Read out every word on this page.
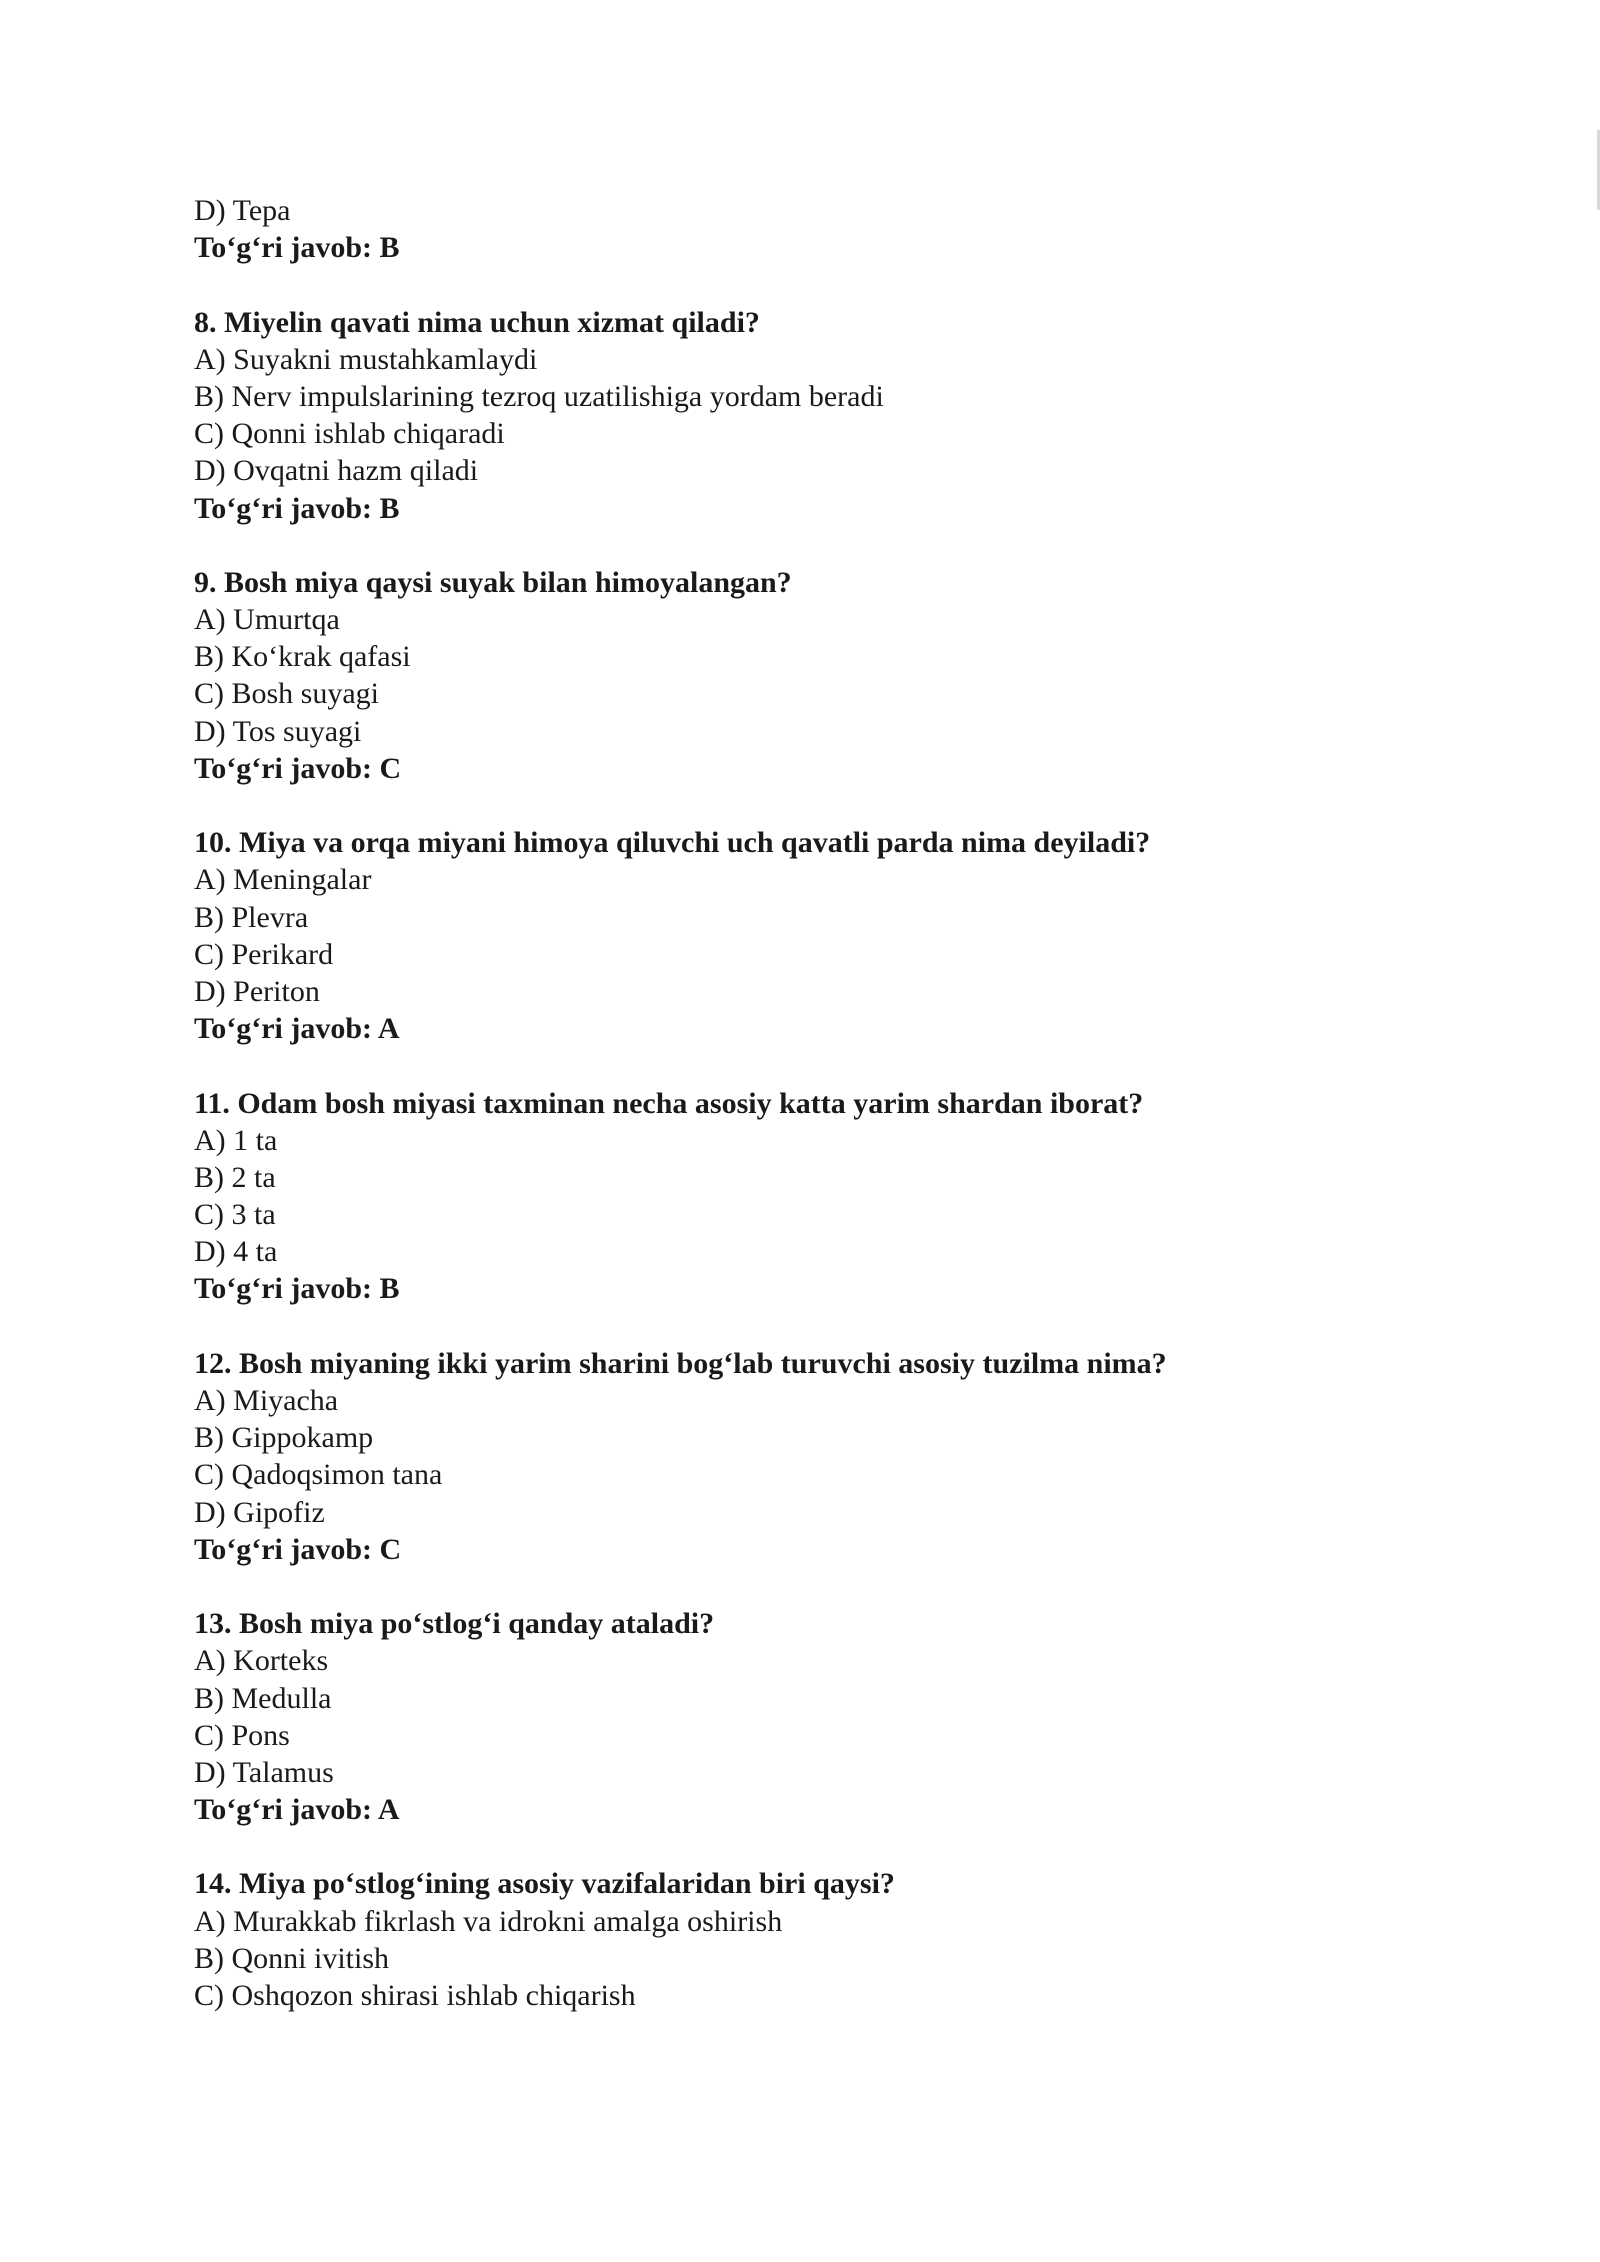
D) Tepa
To‘g‘ri javob: B
8. Miyelin qavati nima uchun xizmat qiladi?
A) Suyakni mustahkamlaydi
B) Nerv impulslarining tezroq uzatilishiga yordam beradi
C) Qonni ishlab chiqaradi
D) Ovqatni hazm qiladi
To‘g‘ri javob: B
9. Bosh miya qaysi suyak bilan himoyalangan?
A) Umurtqa
B) Ko‘krak qafasi
C) Bosh suyagi
D) Tos suyagi
To‘g‘ri javob: C
10. Miya va orqa miyani himoya qiluvchi uch qavatli parda nima deyiladi?
A) Meningalar
B) Plevra
C) Perikard
D) Periton
To‘g‘ri javob: A
11. Odam bosh miyasi taxminan necha asosiy katta yarim shardan iborat?
A) 1 ta
B) 2 ta
C) 3 ta
D) 4 ta
To‘g‘ri javob: B
12. Bosh miyaning ikki yarim sharini bog‘lab turuvchi asosiy tuzilma nima?
A) Miyacha
B) Gippokamp
C) Qadoqsimon tana
D) Gipofiz
To‘g‘ri javob: C
13. Bosh miya po‘stlog‘i qanday ataladi?
A) Korteks
B) Medulla
C) Pons
D) Talamus
To‘g‘ri javob: A
14. Miya po‘stlog‘ining asosiy vazifalaridan biri qaysi?
A) Murakkab fikrlash va idrokni amalga oshirish
B) Qonni ivitish
C) Oshqozon shirasi ishlab chiqarish
